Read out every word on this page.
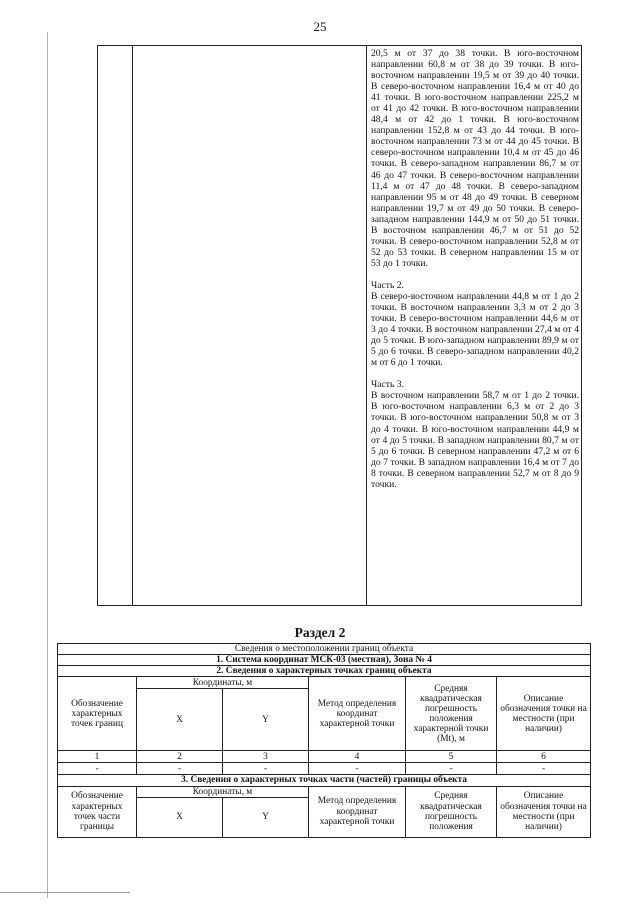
25

20,5 м от 37 до 38 точки. В юго-восточном направлении 60,8 м от 38 до 39 точки. В юго-восточном направлении 19,5 м от 39 до 40 точки. В северо-восточном направлении 16,4 м от 40 до 41 точки. В юго-восточном направлении 225,2 м от 41 до 42 точки. В юго-восточном направлении 48,4 м от 42 до 1 точки. В юго-восточном направлении 152,8 м от 43 до 44 точки. В юго-восточном направлении 73 м от 44 до 45 точки. В северо-восточном направлении 10,4 м от 45 до 46 точки. В северо-западном направлении 86,7 м от 46 до 47 точки. В северо-восточном направлении 11,4 м от 47 до 48 точки. В северо-западном направлении 95 м от 48 до 49 точки. В северном направлении 19,7 м от 49 до 50 точки. В северо-западном направлении 144,9 м от 50 до 51 точки. В восточном направлении 46,7 м от 51 до 52 точки. В северо-восточном направлении 52,8 м от 52 до 53 точки. В северном направлении 15 м от 53 до 1 точки.

Часть 2.

В северо-восточном направлении 44,8 м от 1 до 2 точки. В восточном направлении 3,3 м от 2 до 3 точки. В северо-восточном направлении 44,6 м от 3 до 4 точки. В восточном направлении 27,4 м от 4 до 5 точки. В юго-западном направлении 89,9 м от 5 до 6 точки. В северо-западном направлении 40,2 м от 6 до 1 точки.

Часть 3.

В восточном направлении 58,7 м от 1 до 2 точки. В юго-восточном направлении 6,3 м от 2 до 3 точки. В юго-восточном направлении 50,8 м от 3 до 4 точки. В юго-восточном направлении 44,9 м от 4 до 5 точки. В западном направлении 80,7 м от 5 до 6 точки. В северном направлении 47,2 м от 6 до 7 точки. В западном направлении 16,4 м от 7 до 8 точки. В северном направлении 52,7 м от 8 до 9 точки.

Раздел 2
Сведения о местоположении границ объекта					
1. Система координат МСК-03 (местная), Зона № 4					
2. Сведения о характерных точках границ объекта					
Обозначение характерных точек границ	Координаты, м		Метод определения координат характерной точки	Средняя квадратическая погрешность положения характерной точки (Мt), м	Описание обозначения точки на местности (при наличии)
	X	Y			
1	2	3	4	5	6
-	-	-	-	-	-
3. Сведения о характерных точках части (частей) границы объекта					
Обозначение характерных точек части границы	Координаты, м		Метод определения координат характерной точки	Средняя квадратическая погрешность положения	Описание обозначения точки на местности (при наличии)
	X	Y			
